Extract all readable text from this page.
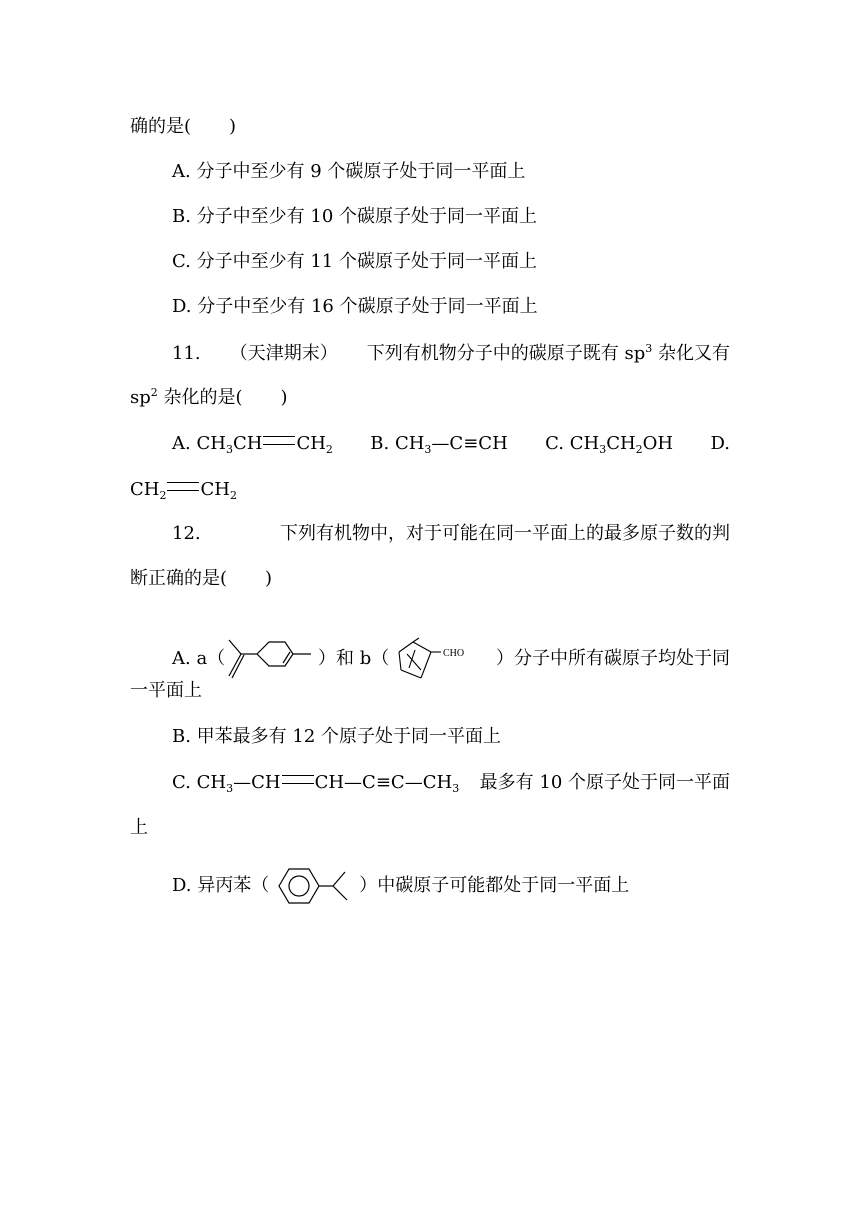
确的是( )
A. 分子中至少有 9 个碳原子处于同一平面上
B. 分子中至少有 10 个碳原子处于同一平面上
C. 分子中至少有 11 个碳原子处于同一平面上
D. 分子中至少有 16 个碳原子处于同一平面上
11. （天津期末） 下列有机物分子中的碳原子既有 $sp^3$ 杂化又有
$sp^2$ 杂化的是( )
A. $CH_3CH$ $CH_2$ B. $CH_3—C\equiv CH$ C. $CH_3CH_2OH$ D.
$CH_2$ $CH_2$
12.	下列有机物中，对于可能在同一平面上的最多原子数的判
断正确的是( )
A. a（	）和 b（	CHO ）分子中所有碳原子均处于同
一平面上
B. 甲苯最多有 12 个原子处于同一平面上
C. $CH_3—CH$ $CH—C\equiv C—CH_3$ 最多有 10 个原子处于同一平面
上
D. 异丙苯（	）中碳原子可能都处于同一平面上
